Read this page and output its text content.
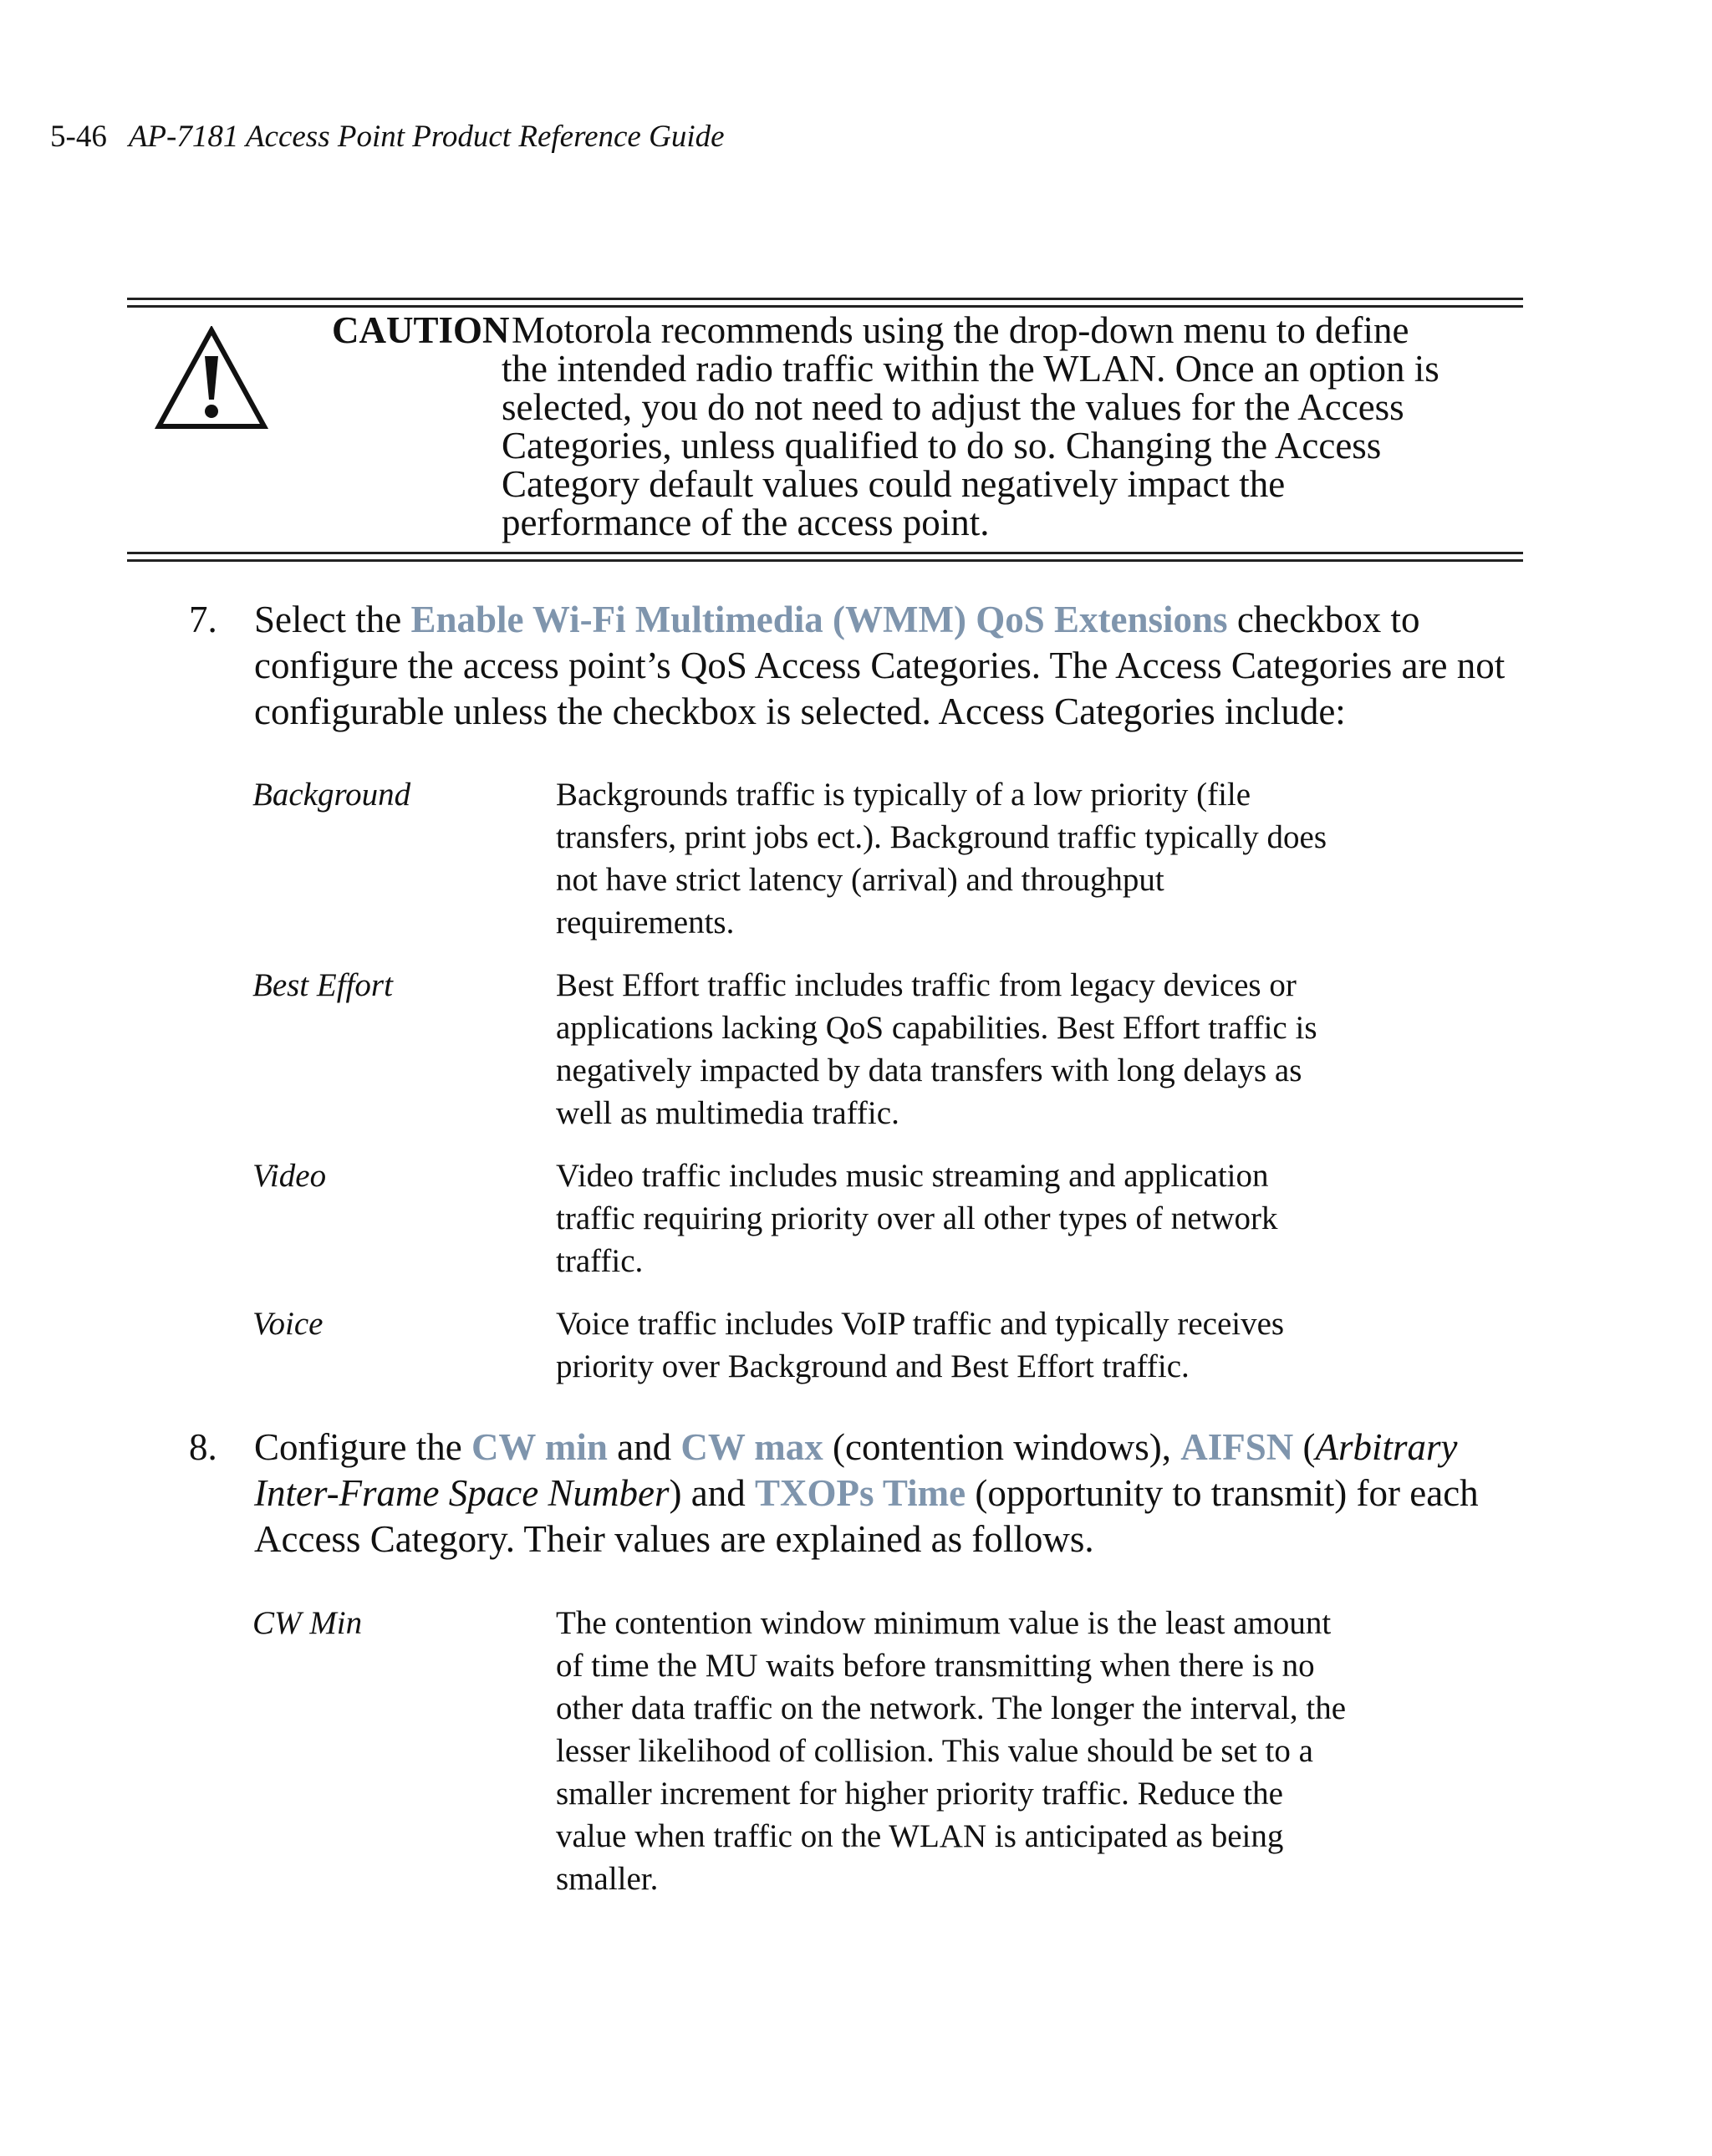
5-46 AP-7181 Access Point Product Reference Guide
CAUTION Motorola recommends using the drop-down menu to define
the intended radio traffic within the WLAN. Once an option is
selected, you do not need to adjust the values for the Access
Categories, unless qualified to do so. Changing the Access
Category default values could negatively impact the
performance of the access point.
7. Select the Enable Wi-Fi Multimedia (WMM) QoS Extensions checkbox to
configure the access point’s QoS Access Categories. The Access Categories are not
configurable unless the checkbox is selected. Access Categories include:
Background	Backgrounds traffic is typically of a low priority (file
transfers, print jobs ect.). Background traffic typically does
not have strict latency (arrival) and throughput
requirements.
Best Effort	Best Effort traffic includes traffic from legacy devices or
applications lacking QoS capabilities. Best Effort traffic is
negatively impacted by data transfers with long delays as
well as multimedia traffic.
Video	Video traffic includes music streaming and application
traffic requiring priority over all other types of network
traffic.
Voice	Voice traffic includes VoIP traffic and typically receives
priority over Background and Best Effort traffic.
8. Configure the CW min and CW max (contention windows), AIFSN (Arbitrary
Inter-Frame Space Number) and TXOPs Time (opportunity to transmit) for each
Access Category. Their values are explained as follows.
CW Min	The contention window minimum value is the least amount
of time the MU waits before transmitting when there is no
other data traffic on the network. The longer the interval, the
lesser likelihood of collision. This value should be set to a
smaller increment for higher priority traffic. Reduce the
value when traffic on the WLAN is anticipated as being
smaller.
